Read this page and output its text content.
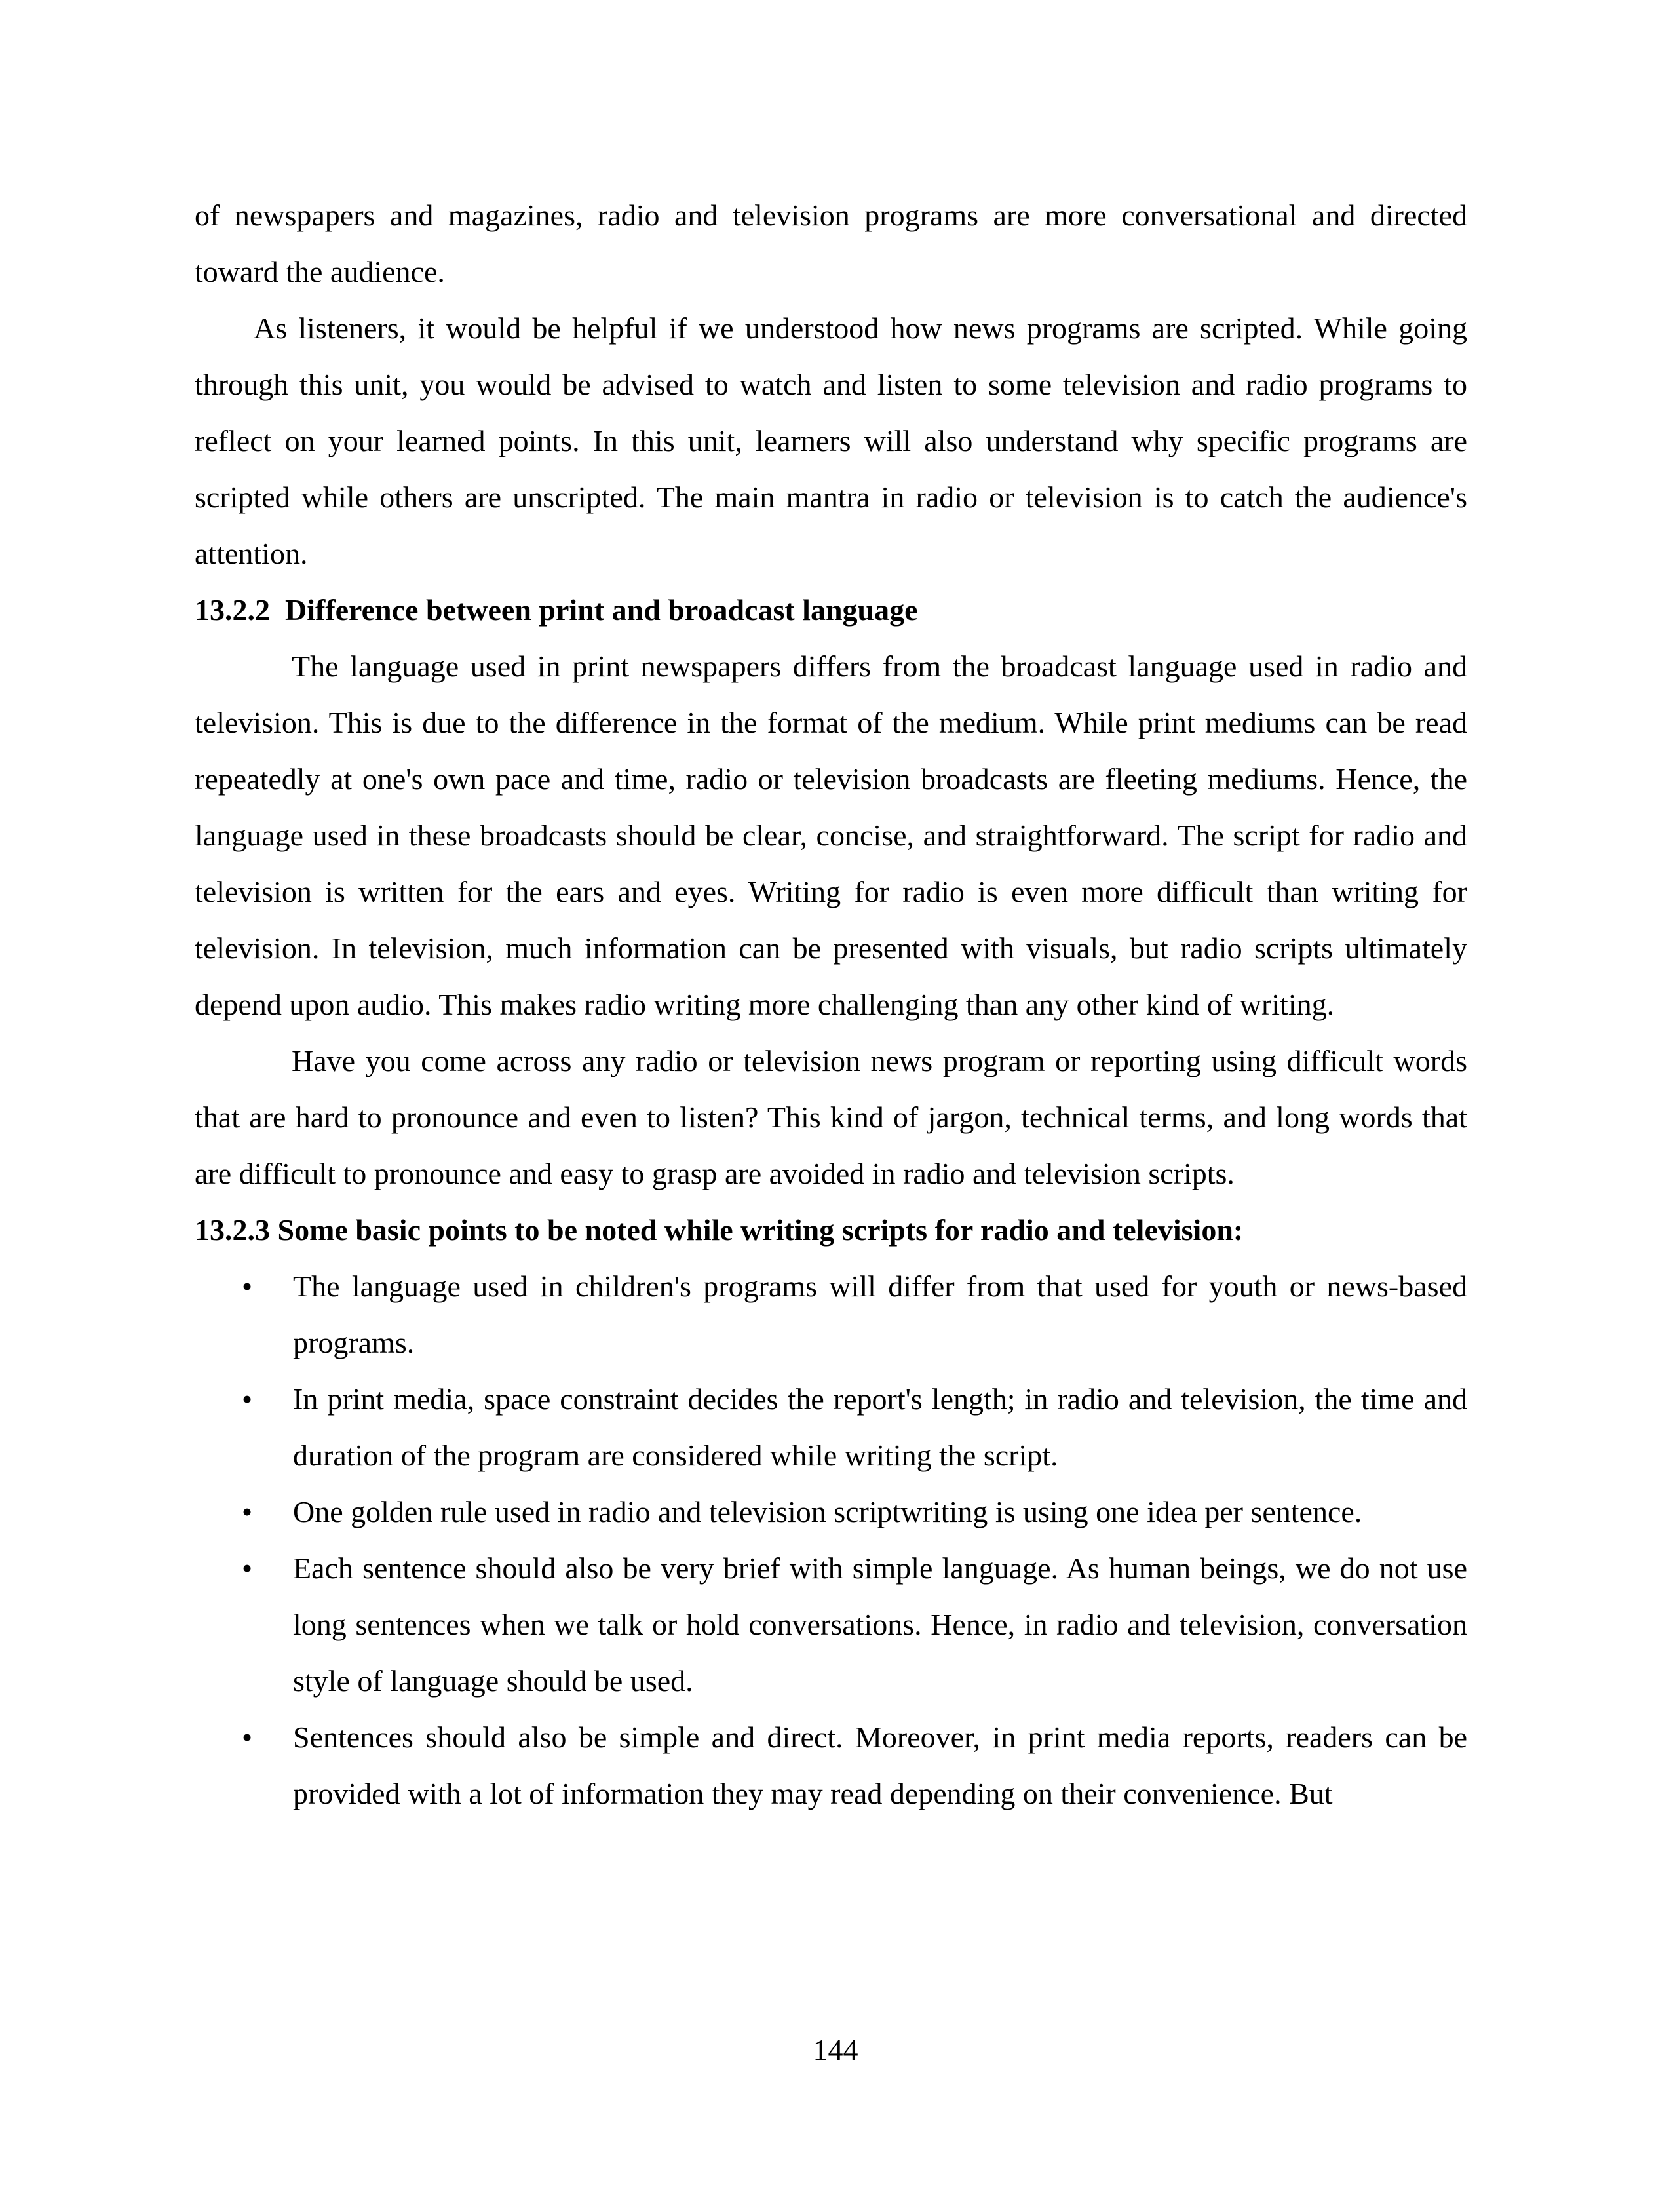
of newspapers and magazines, radio and television programs are more conversational and directed toward the audience.

As listeners, it would be helpful if we understood how news programs are scripted. While going through this unit, you would be advised to watch and listen to some television and radio programs to reflect on your learned points. In this unit, learners will also understand why specific programs are scripted while others are unscripted. The main mantra in radio or television is to catch the audience's attention.

13.2.2 Difference between print and broadcast language

The language used in print newspapers differs from the broadcast language used in radio and television. This is due to the difference in the format of the medium. While print mediums can be read repeatedly at one's own pace and time, radio or television broadcasts are fleeting mediums. Hence, the language used in these broadcasts should be clear, concise, and straightforward. The script for radio and television is written for the ears and eyes. Writing for radio is even more difficult than writing for television. In television, much information can be presented with visuals, but radio scripts ultimately depend upon audio. This makes radio writing more challenging than any other kind of writing.

Have you come across any radio or television news program or reporting using difficult words that are hard to pronounce and even to listen? This kind of jargon, technical terms, and long words that are difficult to pronounce and easy to grasp are avoided in radio and television scripts.

13.2.3 Some basic points to be noted while writing scripts for radio and television:

• The language used in children's programs will differ from that used for youth or news-based programs.
• In print media, space constraint decides the report's length; in radio and television, the time and duration of the program are considered while writing the script.
• One golden rule used in radio and television scriptwriting is using one idea per sentence.
• Each sentence should also be very brief with simple language. As human beings, we do not use long sentences when we talk or hold conversations. Hence, in radio and television, conversation style of language should be used.
• Sentences should also be simple and direct. Moreover, in print media reports, readers can be provided with a lot of information they may read depending on their convenience. But
144
